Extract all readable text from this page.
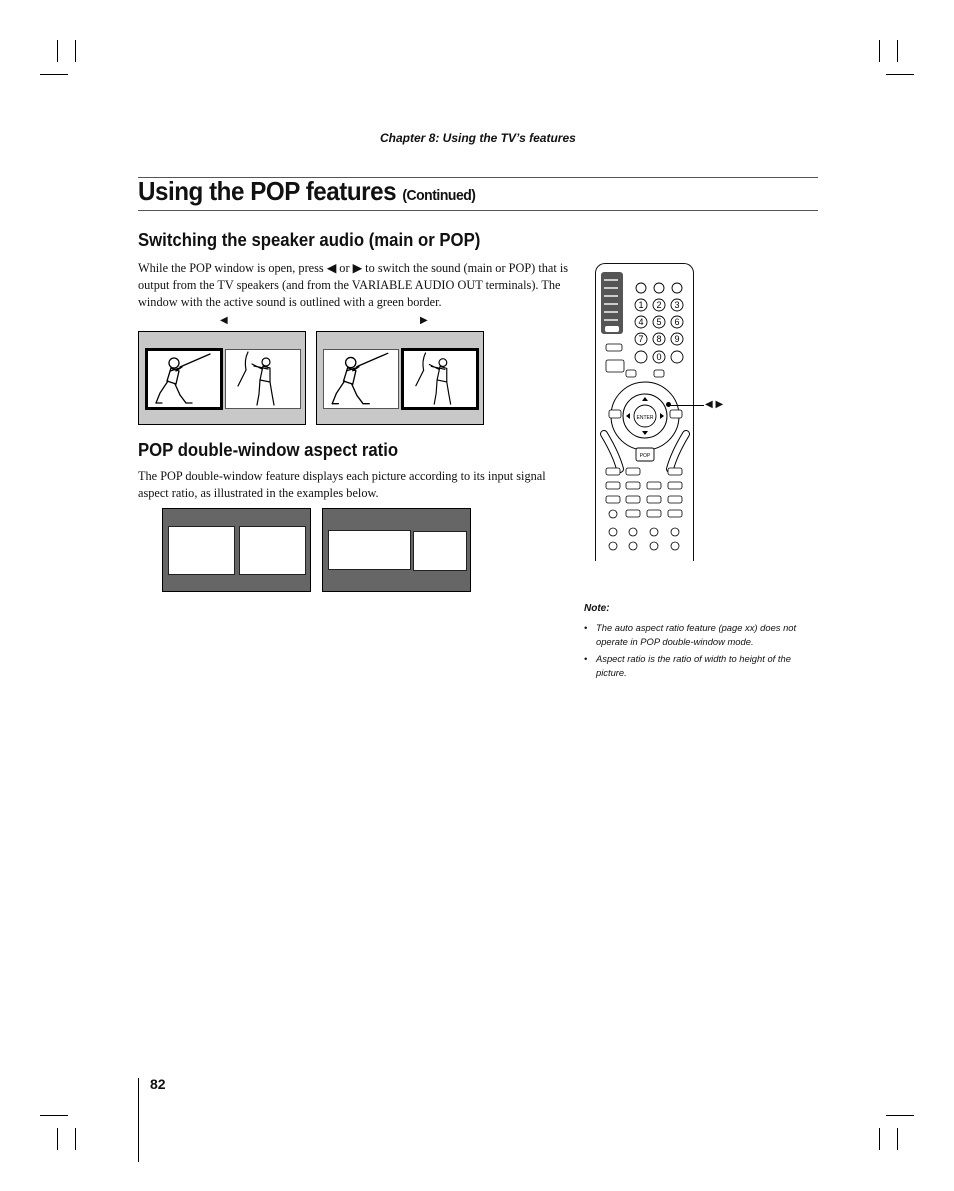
Chapter 8: Using the TV’s features
Using the POP features (Continued)
Switching the speaker audio (main or POP)
While the POP window is open, press ◀ or ▶ to switch the sound (main or POP) that is output from the TV speakers (and from the VARIABLE AUDIO OUT terminals). The window with the active sound is outlined with a green border.
◀	▶
POP double-window aspect ratio
The POP double-window feature displays each picture according to its input signal aspect ratio, as illustrated in the examples below.
1 2 3
4 5 6
7 8 9
0
ENTER
POP
◀ ▶
Note:
• The auto aspect ratio feature (page xx) does not operate in POP double-window mode.
• Aspect ratio is the ratio of width to height of the picture.
82
